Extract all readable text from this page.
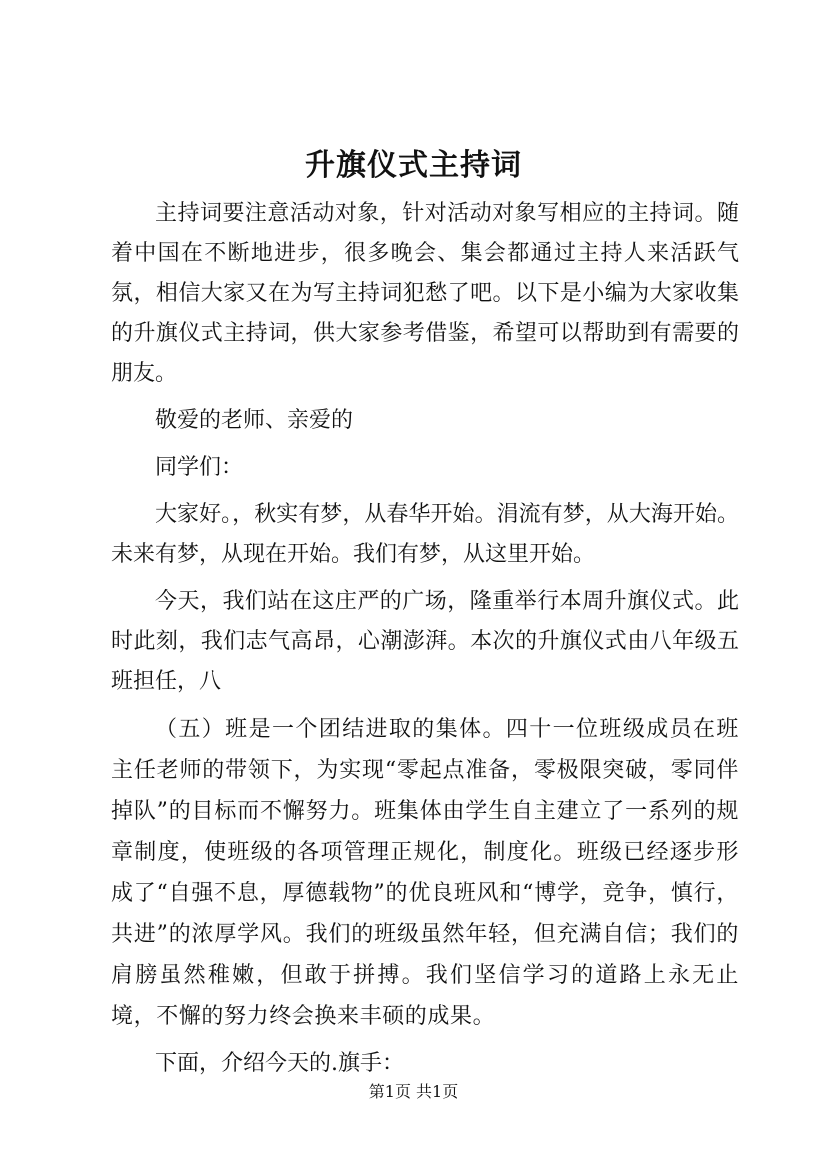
升旗仪式主持词

主持词要注意活动对象，针对活动对象写相应的主持词。随着中国在不断地进步，很多晚会、集会都通过主持人来活跃气氛，相信大家又在为写主持词犯愁了吧。以下是小编为大家收集的升旗仪式主持词，供大家参考借鉴，希望可以帮助到有需要的朋友。

敬爱的老师、亲爱的

同学们：

大家好。，秋实有梦，从春华开始。涓流有梦，从大海开始。未来有梦，从现在开始。我们有梦，从这里开始。

今天，我们站在这庄严的广场，隆重举行本周升旗仪式。此时此刻，我们志气高昂，心潮澎湃。本次的升旗仪式由八年级五班担任，八

（五）班是一个团结进取的集体。四十一位班级成员在班主任老师的带领下，为实现“零起点准备，零极限突破，零同伴掉队”的目标而不懈努力。班集体由学生自主建立了一系列的规章制度，使班级的各项管理正规化，制度化。班级已经逐步形成了“自强不息，厚德载物”的优良班风和“博学，竞争，慎行，共进”的浓厚学风。我们的班级虽然年轻，但充满自信；我们的肩膀虽然稚嫩，但敢于拼搏。我们坚信学习的道路上永无止境，不懈的努力终会换来丰硕的成果。

下面，介绍今天的.旗手：

第1页 共1页
